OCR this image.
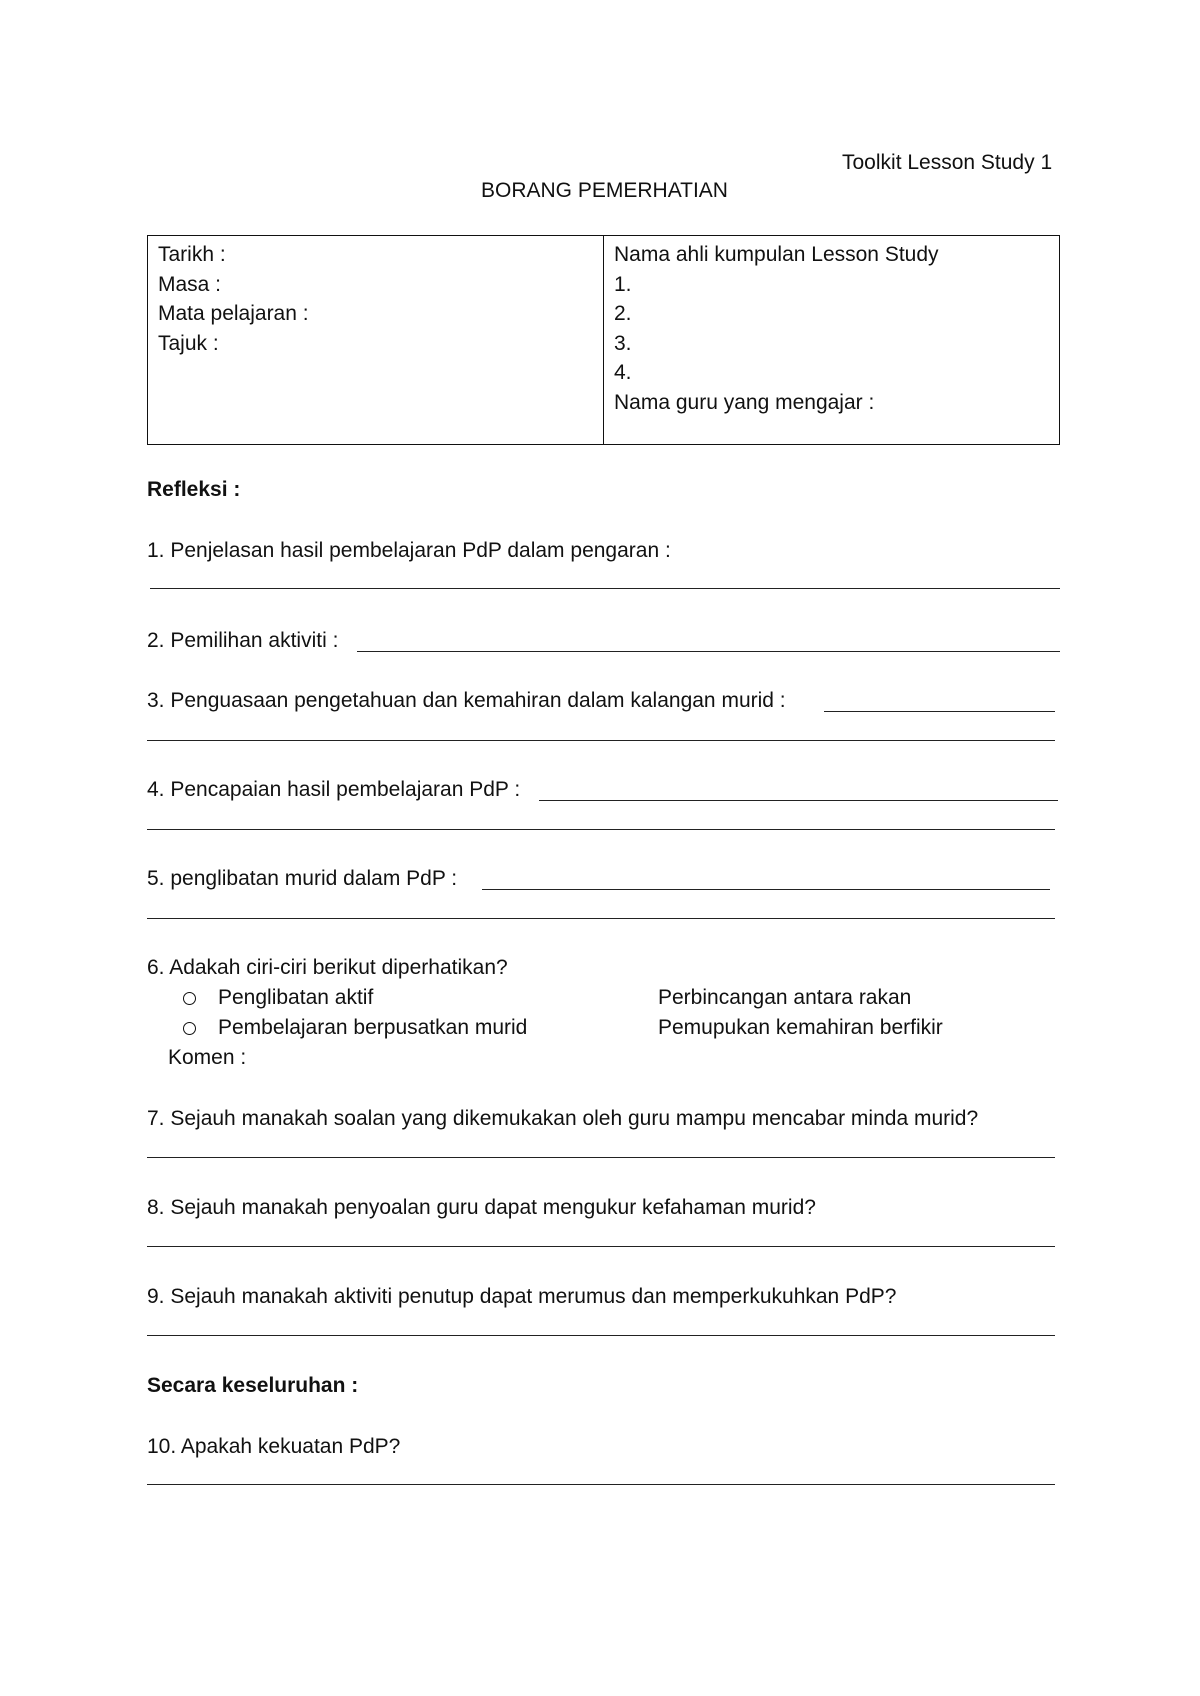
Toolkit Lesson Study 1
BORANG PEMERHATIAN
Tarikh :
Masa :
Mata pelajaran :
Tajuk :
Nama ahli kumpulan Lesson Study
1.
2.
3.
4.
Nama guru yang mengajar :
Refleksi :
1. Penjelasan hasil pembelajaran PdP dalam pengaran :
2. Pemilihan aktiviti :
3. Penguasaan pengetahuan dan kemahiran dalam kalangan murid :
4. Pencapaian hasil pembelajaran PdP :
5. penglibatan murid dalam PdP :
6. Adakah ciri-ciri berikut diperhatikan?
Penglibatan aktif	Perbincangan antara rakan
Pembelajaran berpusatkan murid	Pemupukan kemahiran berfikir
Komen :
7. Sejauh manakah soalan yang dikemukakan oleh guru mampu mencabar minda murid?
8. Sejauh manakah penyoalan guru dapat mengukur kefahaman murid?
9. Sejauh manakah aktiviti penutup dapat merumus dan memperkukuhkan PdP?
Secara keseluruhan :
10. Apakah kekuatan PdP?
